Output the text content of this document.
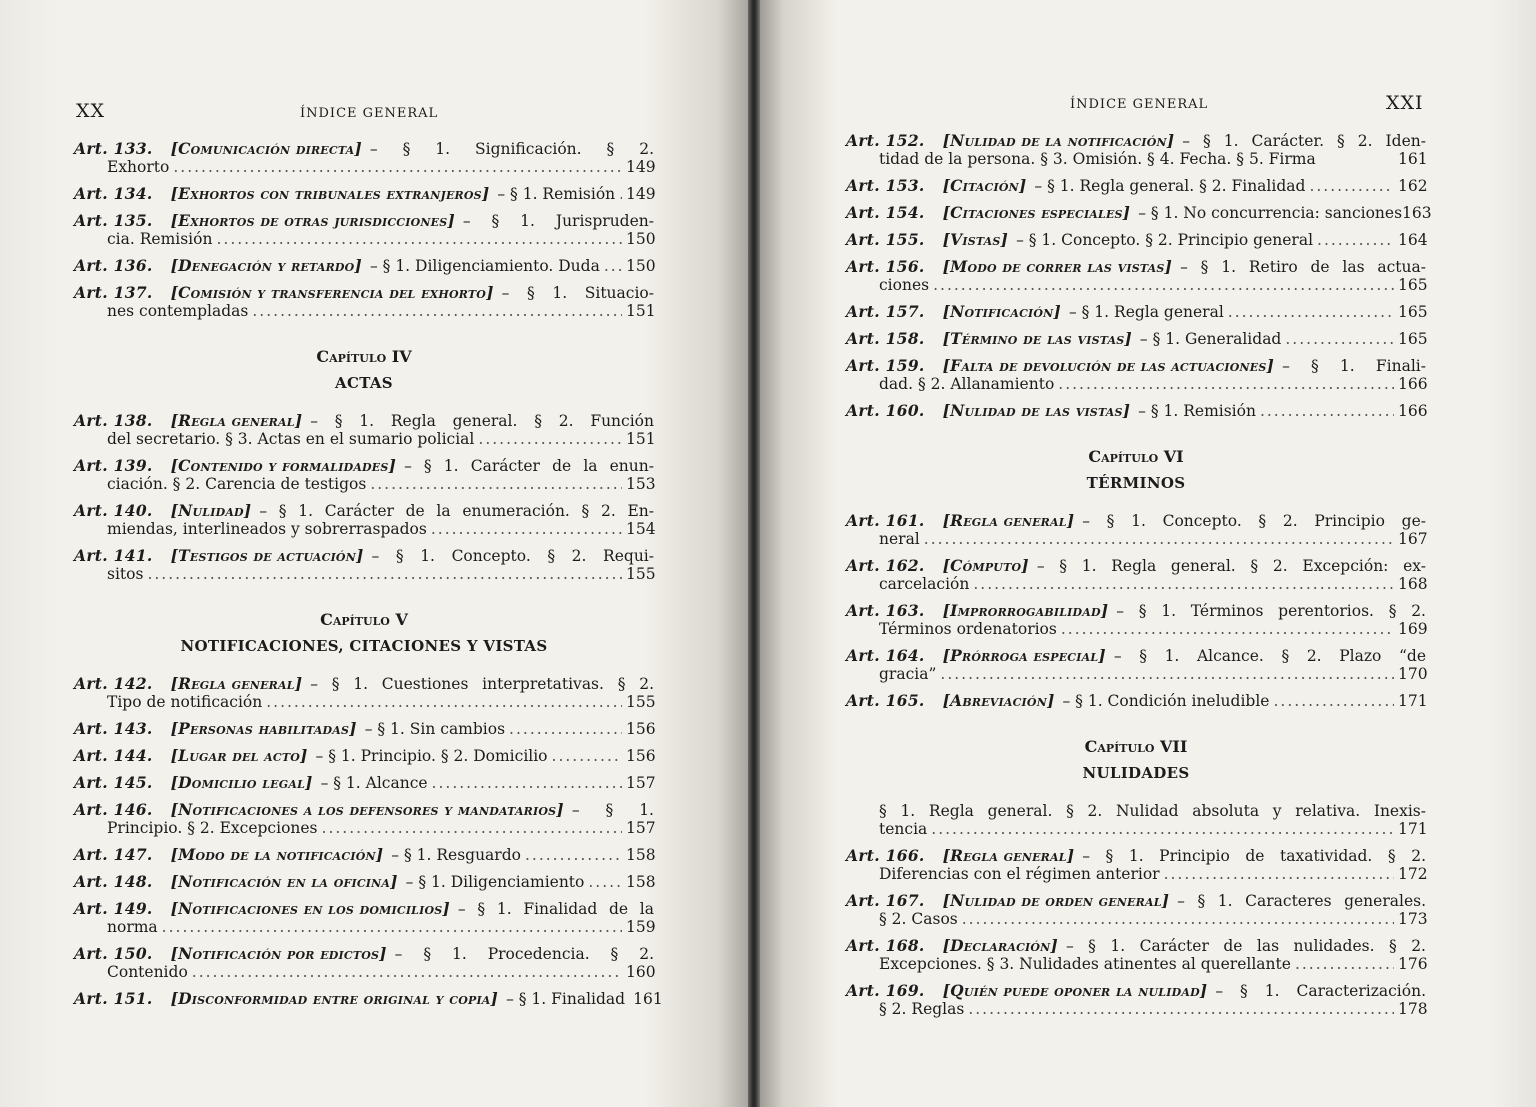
XX	ÍNDICE GENERAL
Art. 133. [Comunicación directa] – § 1. Significación. § 2.
Exhorto .....	149
Art. 134. [Exhortos con tribunales extranjeros] – § 1. Remisión ..... 149
Art. 135. [Exhortos de otras jurisdicciones] – § 1. Jurispruden-
cia. Remisión .....	150
Art. 136. [Denegación y retardo] – § 1. Diligenciamiento. Duda ..... 150
Art. 137. [Comisión y transferencia del exhorto] – § 1. Situacio-
nes contempladas .....	151
Capítulo IV
ACTAS
Art. 138. [Regla general] – § 1. Regla general. § 2. Función
del secretario. § 3. Actas en el sumario policial .....	151
Art. 139. [Contenido y formalidades] – § 1. Carácter de la enun-
ciación. § 2. Carencia de testigos .....	153
Art. 140. [Nulidad] – § 1. Carácter de la enumeración. § 2. En-
miendas, interlineados y sobrerraspados .....	154
Art. 141. [Testigos de actuación] – § 1. Concepto. § 2. Requi-
sitos .....	155
Capítulo V
NOTIFICACIONES, CITACIONES Y VISTAS
Art. 142. [Regla general] – § 1. Cuestiones interpretativas. § 2.
Tipo de notificación .....	155
Art. 143. [Personas habilitadas] – § 1. Sin cambios .....	156
Art. 144. [Lugar del acto] – § 1. Principio. § 2. Domicilio .....	156
Art. 145. [Domicilio legal] – § 1. Alcance .....	157
Art. 146. [Notificaciones a los defensores y mandatarios] – § 1.
Principio. § 2. Excepciones .....	157
Art. 147. [Modo de la notificación] – § 1. Resguardo .....	158
Art. 148. [Notificación en la oficina] – § 1. Diligenciamiento .....	158
Art. 149. [Notificaciones en los domicilios] – § 1. Finalidad de la
norma .....	159
Art. 150. [Notificación por edictos] – § 1. Procedencia. § 2.
Contenido .....	160
Art. 151. [Disconformidad entre original y copia] – § 1. Finalidad 161
ÍNDICE GENERAL	XXI
Art. 152. [Nulidad de la notificación] – § 1. Carácter. § 2. Iden-
tidad de la persona. § 3. Omisión. § 4. Fecha. § 5. Firma	161
Art. 153. [Citación] – § 1. Regla general. § 2. Finalidad .....	162
Art. 154. [Citaciones especiales] – § 1. No concurrencia: sanciones 163
Art. 155. [Vistas] – § 1. Concepto. § 2. Principio general .....	164
Art. 156. [Modo de correr las vistas] – § 1. Retiro de las actua-
ciones .....	165
Art. 157. [Notificación] – § 1. Regla general .....	165
Art. 158. [Término de las vistas] – § 1. Generalidad .....	165
Art. 159. [Falta de devolución de las actuaciones] – § 1. Finali-
dad. § 2. Allanamiento .....	166
Art. 160. [Nulidad de las vistas] – § 1. Remisión .....	166
Capítulo VI
TÉRMINOS
Art. 161. [Regla general] – § 1. Concepto. § 2. Principio ge-
neral .....	167
Art. 162. [Cómputo] – § 1. Regla general. § 2. Excepción: ex-
carcelación .....	168
Art. 163. [Improrrogabilidad] – § 1. Términos perentorios. § 2.
Términos ordenatorios .....	169
Art. 164. [Prórroga especial] – § 1. Alcance. § 2. Plazo “de
gracia” .....	170
Art. 165. [Abreviación] – § 1. Condición ineludible .....	171
Capítulo VII
NULIDADES
§ 1. Regla general. § 2. Nulidad absoluta y relativa. Inexis-
tencia .....	171
Art. 166. [Regla general] – § 1. Principio de taxatividad. § 2.
Diferencias con el régimen anterior .....	172
Art. 167. [Nulidad de orden general] – § 1. Caracteres generales.
§ 2. Casos .....	173
Art. 168. [Declaración] – § 1. Carácter de las nulidades. § 2.
Excepciones. § 3. Nulidades atinentes al querellante .....	176
Art. 169. [Quién puede oponer la nulidad] – § 1. Caracterización.
§ 2. Reglas .....	178
